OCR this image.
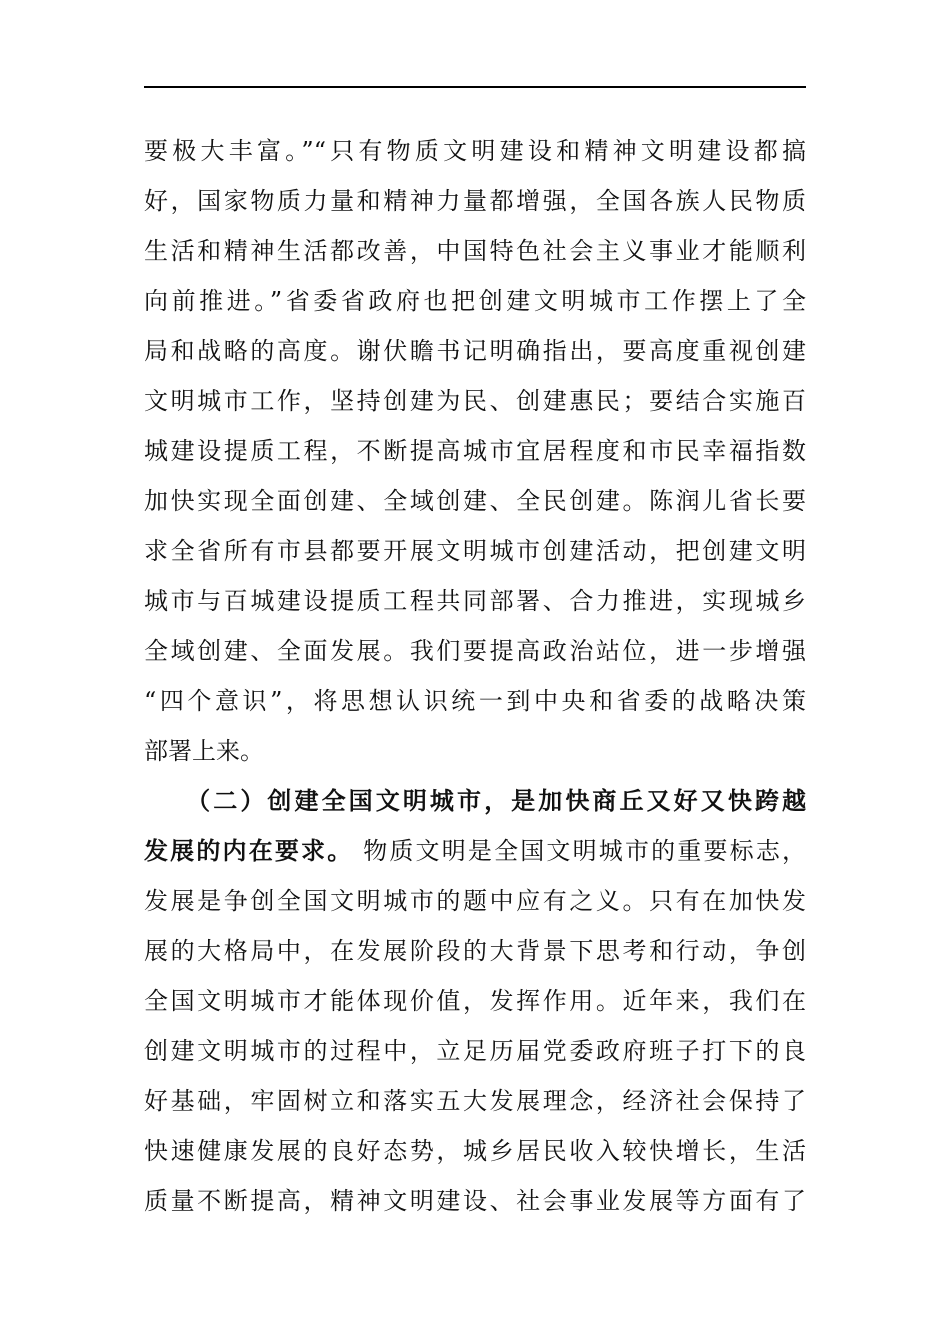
要极大丰富。”“只有物质文明建设和精神文明建设都搞
好，国家物质力量和精神力量都增强，全国各族人民物质
生活和精神生活都改善，中国特色社会主义事业才能顺利
向前推进。”省委省政府也把创建文明城市工作摆上了全
局和战略的高度。谢伏瞻书记明确指出，要高度重视创建
文明城市工作，坚持创建为民、创建惠民；要结合实施百
城建设提质工程，不断提高城市宜居程度和市民幸福指数
加快实现全面创建、全域创建、全民创建。陈润儿省长要
求全省所有市县都要开展文明城市创建活动，把创建文明
城市与百城建设提质工程共同部署、合力推进，实现城乡
全域创建、全面发展。我们要提高政治站位，进一步增强
“四个意识”，将思想认识统一到中央和省委的战略决策
部署上来。
　　（二）创建全国文明城市，是加快商丘又好又快跨越
发展的内在要求。 物质文明是全国文明城市的重要标志，
发展是争创全国文明城市的题中应有之义。只有在加快发
展的大格局中，在发展阶段的大背景下思考和行动，争创
全国文明城市才能体现价值，发挥作用。近年来，我们在
创建文明城市的过程中，立足历届党委政府班子打下的良
好基础，牢固树立和落实五大发展理念，经济社会保持了
快速健康发展的良好态势，城乡居民收入较快增长，生活
质量不断提高，精神文明建设、社会事业发展等方面有了
